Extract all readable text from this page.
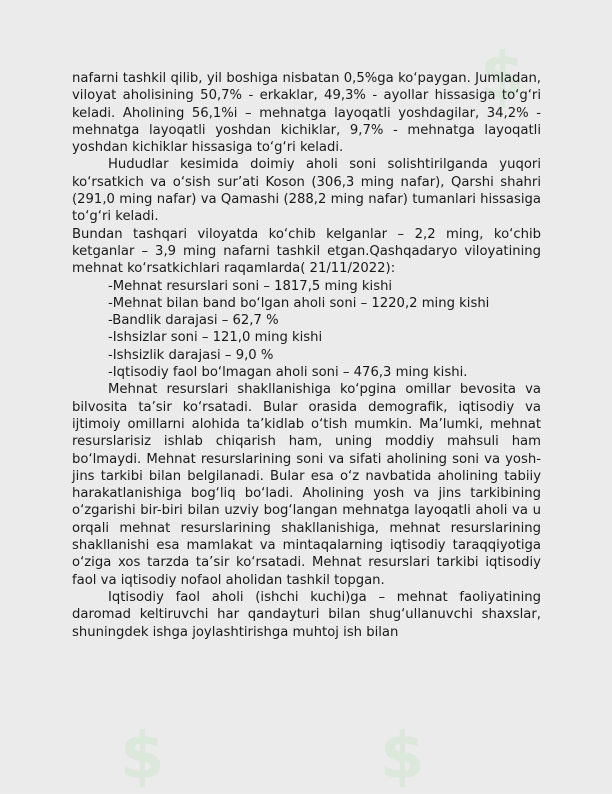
$	$
$

nafarni tashkil qilib, yil boshiga nisbatan 0,5%ga ko‘paygan. Jumladan, viloyat aholisining 50,7% - erkaklar, 49,3% - ayollar hissasiga to‘g‘ri keladi. Aholining 56,1%i – mehnatga layoqatli yoshdagilar, 34,2% - mehnatga layoqatli yoshdan kichiklar, 9,7% - mehnatga layoqatli yoshdan kichiklar hissasiga to‘g‘ri keladi.

Hududlar kesimida doimiy aholi soni solishtirilganda yuqori ko‘rsatkich va o‘sish sur’ati Koson (306,3 ming nafar), Qarshi shahri (291,0 ming nafar) va Qamashi (288,2 ming nafar) tumanlari hissasiga to‘g‘ri keladi.

Bundan tashqari viloyatda ko‘chib kelganlar – 2,2 ming, ko‘chib ketganlar – 3,9 ming nafarni tashkil etgan.Qashqadaryo viloyatining mehnat ko‘rsatkichlari raqamlarda( 21/11/2022):

-Mehnat resurslari soni – 1817,5 ming kishi

-Mehnat bilan band bo‘lgan aholi soni – 1220,2 ming kishi

-Bandlik darajasi – 62,7 %

-Ishsizlar soni – 121,0 ming kishi

-Ishsizlik darajasi – 9,0 %

-Iqtisodiy faol bo‘lmagan aholi soni – 476,3 ming kishi.

Mehnat resurslari shakllanishiga ko‘pgina omillar bevosita va bilvosita ta’sir ko‘rsatadi. Bular orasida demografik, iqtisodiy va ijtimoiy omillarni alohida ta’kidlab o‘tish mumkin. Ma’lumki, mehnat resurslarisiz ishlab chiqarish ham, uning moddiy mahsuli ham bo‘lmaydi. Mehnat resurslarining soni va sifati aholining soni va yosh-jins tarkibi bilan belgilanadi. Bular esa o‘z navbatida aholining tabiiy harakatlanishiga bog‘liq bo‘ladi. Aholining yosh va jins tarkibining o‘zgarishi bir-biri bilan uzviy bog‘langan mehnatga layoqatli aholi va u orqali mehnat resurslarining shakllanishiga, mehnat resurslarining shakllanishi esa mamlakat va mintaqalarning iqtisodiy taraqqiyotiga o‘ziga xos tarzda ta’sir ko‘rsatadi. Mehnat resurslari tarkibi iqtisodiy faol va iqtisodiy nofaol aholidan tashkil topgan.

Iqtisodiy faol aholi (ishchi kuchi)ga – mehnat faoliyatining daromad keltiruvchi har qandayturi bilan shug‘ullanuvchi shaxslar, shuningdek ishga joylashtirishga muhtoj ish bilan
